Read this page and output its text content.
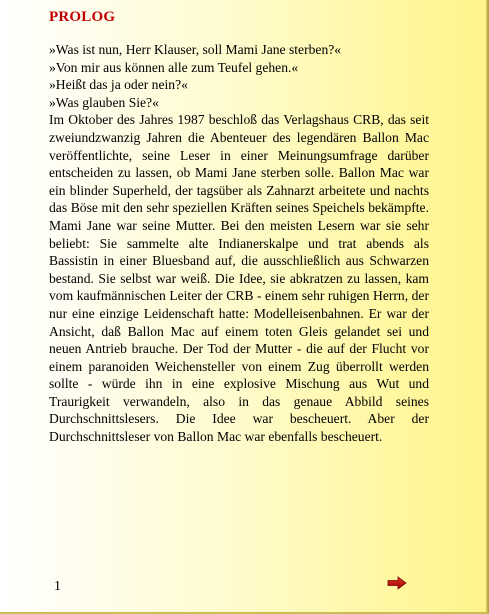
PROLOG

»Was ist nun, Herr Klauser, soll Mami Jane sterben?«

»Von mir aus können alle zum Teufel gehen.«

»Heißt das ja oder nein?«

»Was glauben Sie?«

Im Oktober des Jahres 1987 beschloß das Verlagshaus CRB, das seit zweiundzwanzig Jahren die Abenteuer des legendären Ballon Mac veröffentlichte, seine Leser in einer Meinungsumfrage darüber entscheiden zu lassen, ob Mami Jane sterben solle. Ballon Mac war ein blinder Superheld, der tagsüber als Zahnarzt arbeitete und nachts das Böse mit den sehr speziellen Kräften seines Speichels bekämpfte. Mami Jane war seine Mutter. Bei den meisten Lesern war sie sehr beliebt: Sie sammelte alte Indianerskalpe und trat abends als Bassistin in einer Bluesband auf, die ausschließlich aus Schwarzen bestand. Sie selbst war weiß. Die Idee, sie abkratzen zu lassen, kam vom kaufmännischen Leiter der CRB - einem sehr ruhigen Herrn, der nur eine einzige Leidenschaft hatte: Modelleisenbahnen. Er war der Ansicht, daß Ballon Mac auf einem toten Gleis gelandet sei und neuen Antrieb brauche. Der Tod der Mutter - die auf der Flucht vor einem paranoiden Weichensteller von einem Zug überrollt werden sollte - würde ihn in eine explosive Mischung aus Wut und Traurigkeit verwandeln, also in das genaue Abbild seines Durchschnittslesers. Die Idee war bescheuert. Aber der Durchschnittsleser von Ballon Mac war ebenfalls bescheuert.

1
